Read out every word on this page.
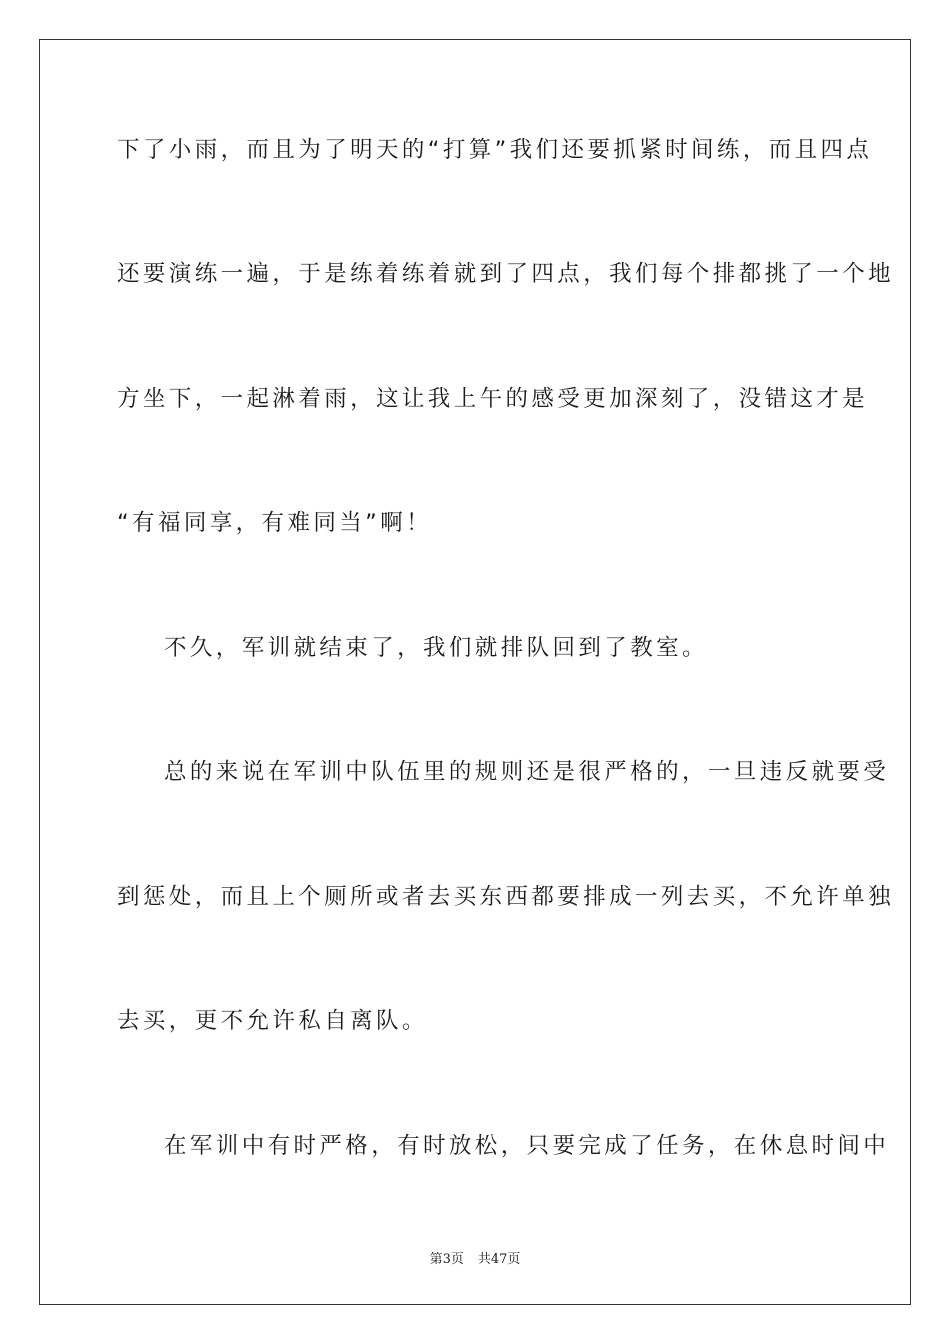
下了小雨，而且为了明天的“打算”我们还要抓紧时间练，而且四点
还要演练一遍，于是练着练着就到了四点，我们每个排都挑了一个地
方坐下，一起淋着雨，这让我上午的感受更加深刻了，没错这才是
“有福同享，有难同当”啊！
不久，军训就结束了，我们就排队回到了教室。
总的来说在军训中队伍里的规则还是很严格的，一旦违反就要受
到惩处，而且上个厕所或者去买东西都要排成一列去买，不允许单独
去买，更不允许私自离队。
在军训中有时严格，有时放松，只要完成了任务，在休息时间中
第3页 共47页
